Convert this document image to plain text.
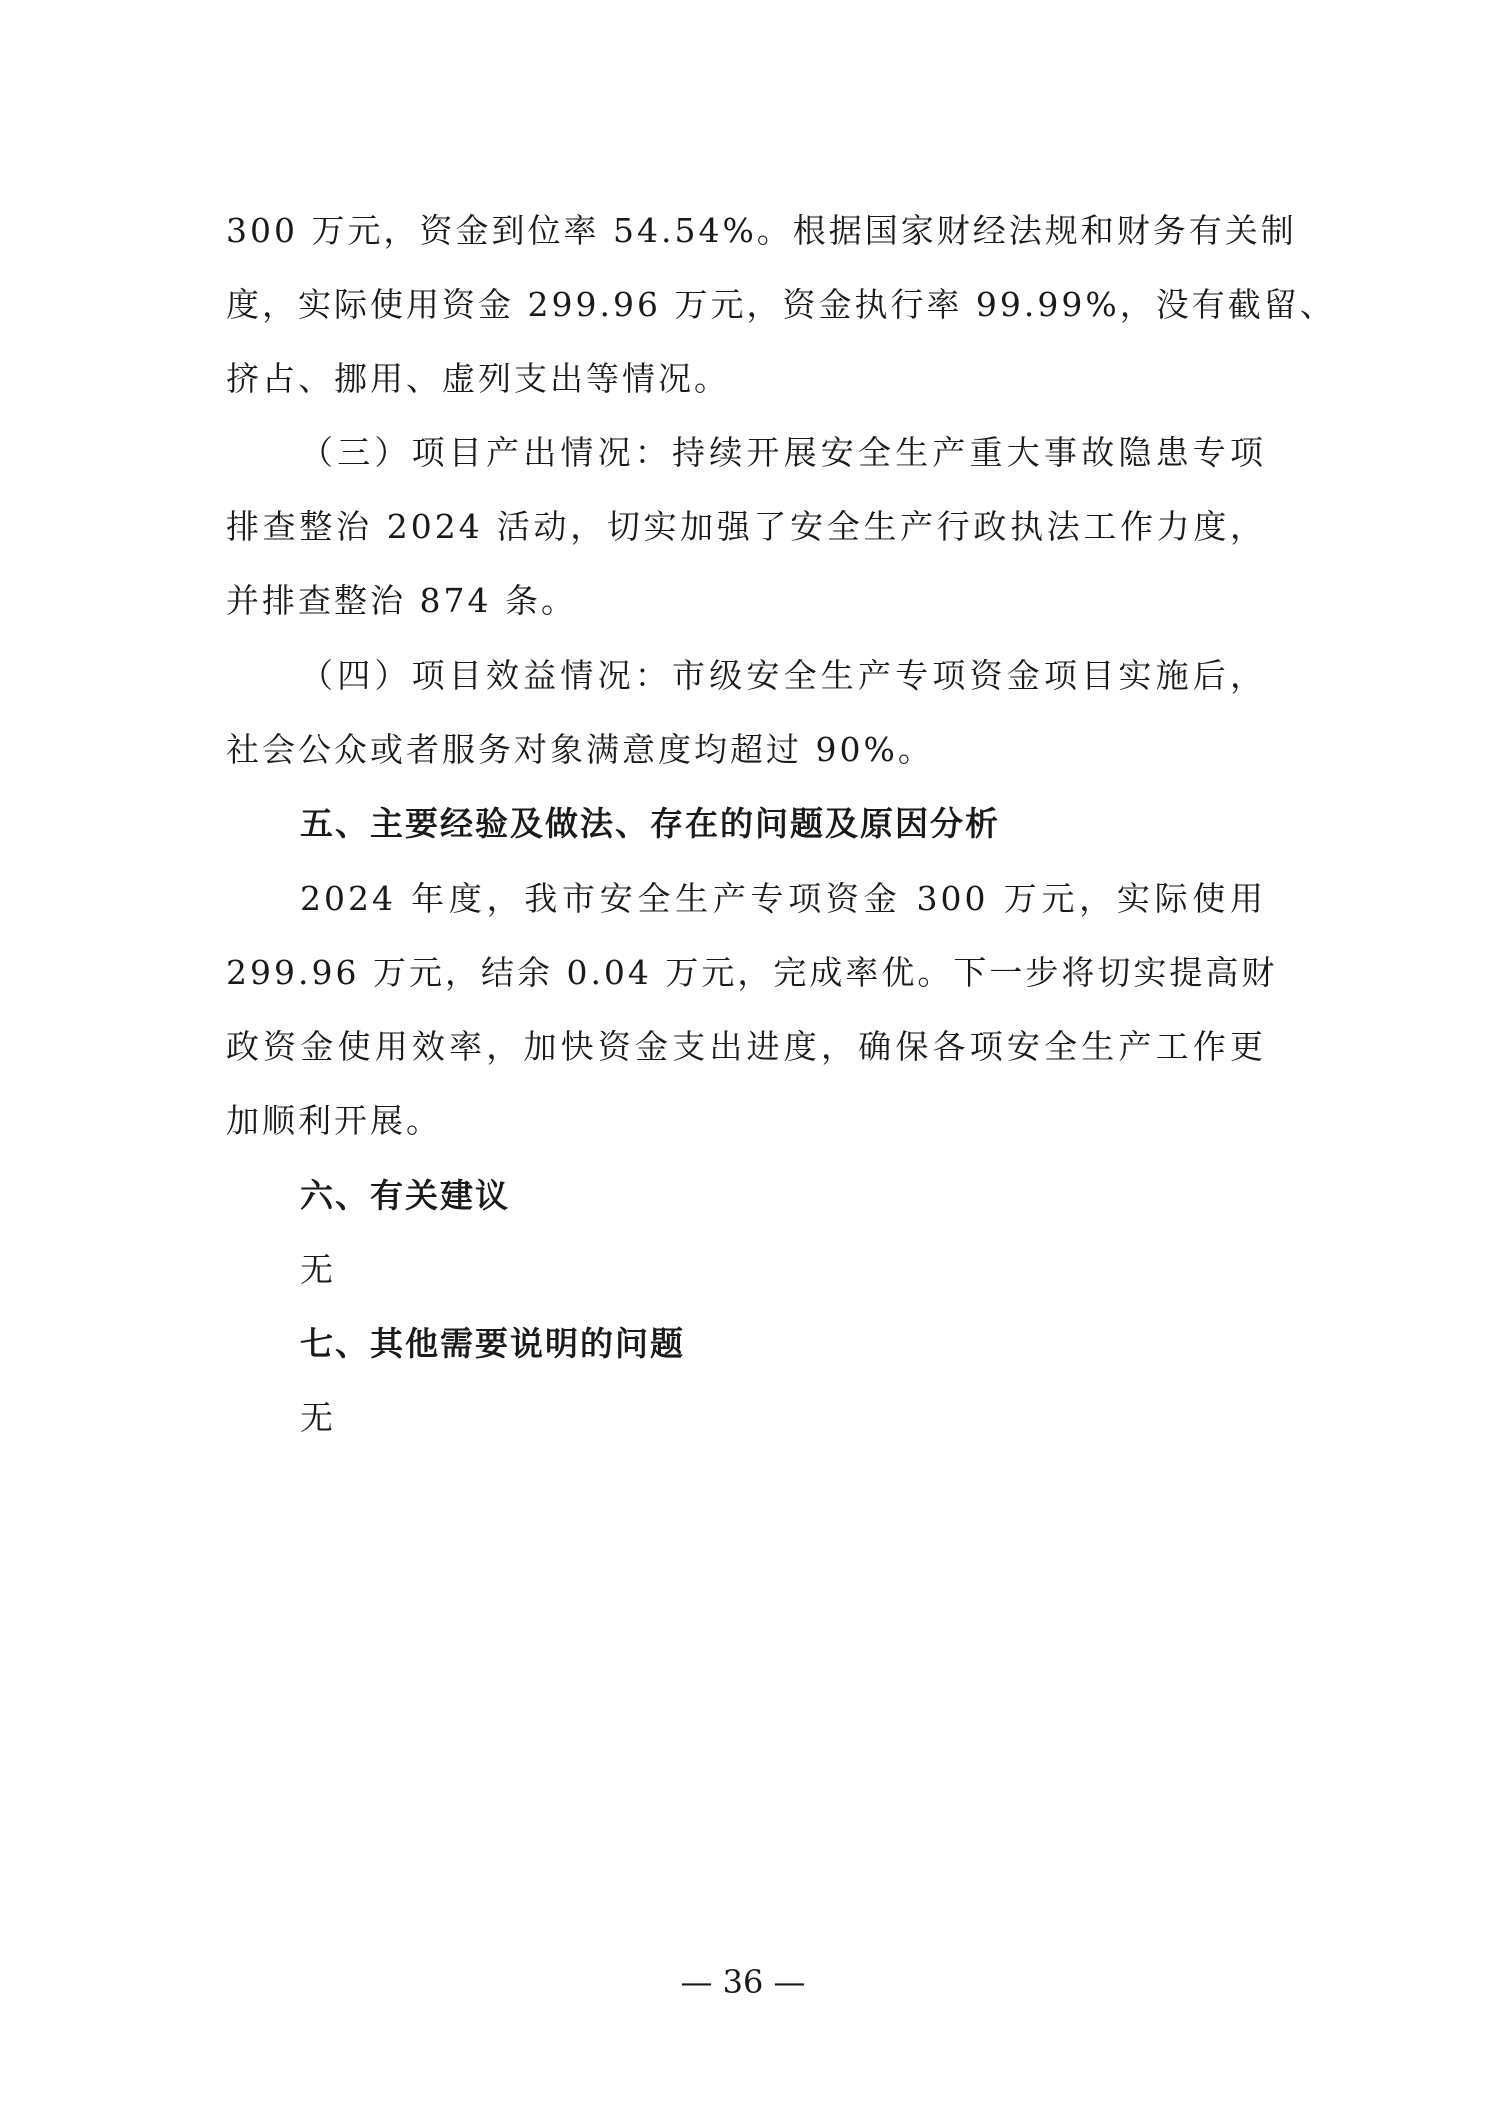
300 万元，资金到位率 54.54%。根据国家财经法规和财务有关制
度，实际使用资金 299.96 万元，资金执行率 99.99%，没有截留、
挤占、挪用、虚列支出等情况。
（三）项目产出情况：持续开展安全生产重大事故隐患专项
排查整治 2024 活动，切实加强了安全生产行政执法工作力度，
并排查整治 874 条。
（四）项目效益情况：市级安全生产专项资金项目实施后，
社会公众或者服务对象满意度均超过 90%。
五、主要经验及做法、存在的问题及原因分析
2024 年度，我市安全生产专项资金 300 万元，实际使用
299.96 万元，结余 0.04 万元，完成率优。下一步将切实提高财
政资金使用效率，加快资金支出进度，确保各项安全生产工作更
加顺利开展。
六、有关建议
无
七、其他需要说明的问题
无
— 36 —
